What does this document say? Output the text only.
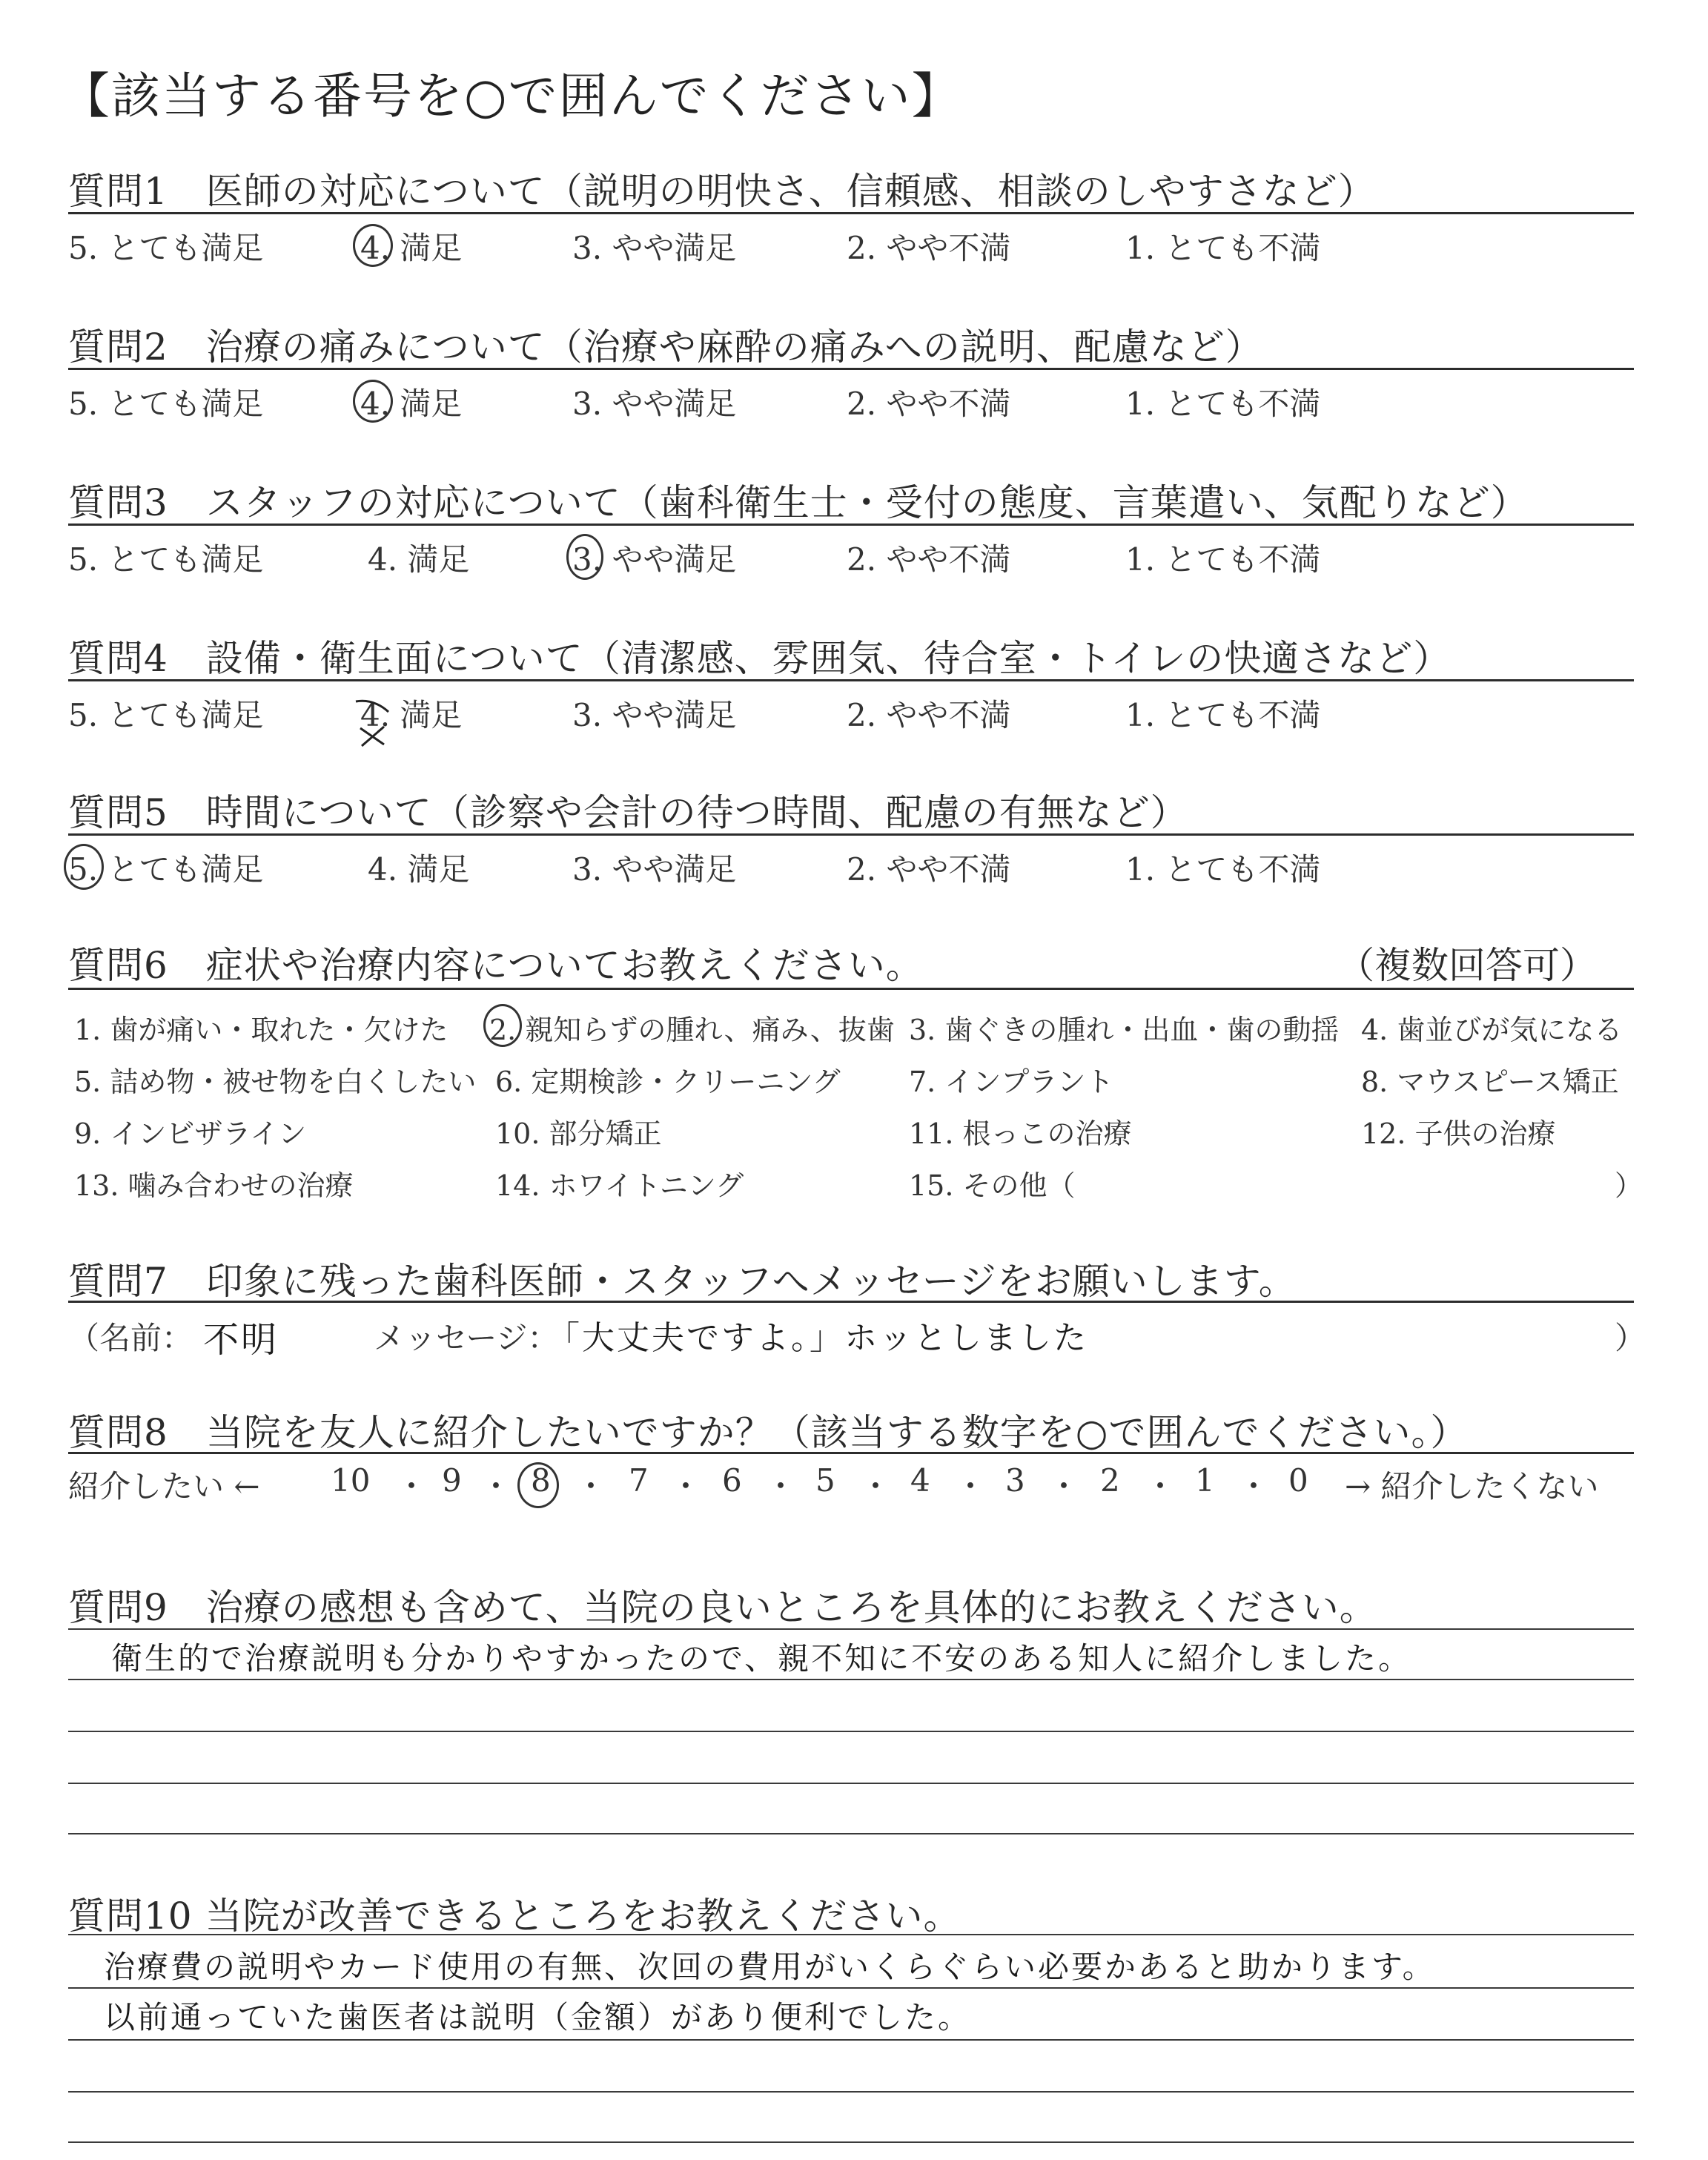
【該当する番号を○で囲んでください】
質問1　医師の対応について（説明の明快さ、信頼感、相談のしやすさなど）
5. とても満足	4. 満足	3. やや満足	2. やや不満	1. とても不満
質問2　治療の痛みについて（治療や麻酔の痛みへの説明、配慮など）
5. とても満足	4. 満足	3. やや満足	2. やや不満	1. とても不満
質問3　スタッフの対応について（歯科衛生士・受付の態度、言葉遣い、気配りなど）
5. とても満足	4. 満足	3. やや満足	2. やや不満	1. とても不満
質問4　設備・衛生面について（清潔感、雰囲気、待合室・トイレの快適さなど）
5. とても満足	4. 満足	3. やや満足	2. やや不満	1. とても不満
質問5　時間について（診察や会計の待つ時間、配慮の有無など）
5. とても満足	4. 満足	3. やや満足	2. やや不満	1. とても不満
質問6　症状や治療内容についてお教えください。	（複数回答可）
1. 歯が痛い・取れた・欠けた 2. 親知らずの腫れ、痛み、抜歯 3. 歯ぐきの腫れ・出血・歯の動揺 4. 歯並びが気になる
5. 詰め物・被せ物を白くしたい 6. 定期検診・クリーニング 7. インプラント	8. マウスピース矯正
9. インビザライン	10. 部分矯正	11. 根っこの治療	12. 子供の治療
13. 噛み合わせの治療	14. ホワイトニング	15. その他（	）
質問7　印象に残った歯科医師・スタッフへメッセージをお願いします。
（名前： 不明	メッセージ：
「大丈夫ですよ。」ホッとしました	）
質問8　当院を友人に紹介したいですか？（該当する数字を○で囲んでください。）
紹介したい ← 10 ・ 9 ・ 8 ・ 7 ・ 6 ・ 5 ・ 4 ・ 3 ・ 2 ・ 1 ・ 0 → 紹介したくない
質問9　治療の感想も含めて、当院の良いところを具体的にお教えください。
衛生的で治療説明も分かりやすかったので、親不知に不安のある知人に紹介しました。
質問10 当院が改善できるところをお教えください。
治療費の説明やカード使用の有無、次回の費用がいくらぐらい必要かあると助かります。
以前通っていた歯医者は説明（金額）があり便利でした。
